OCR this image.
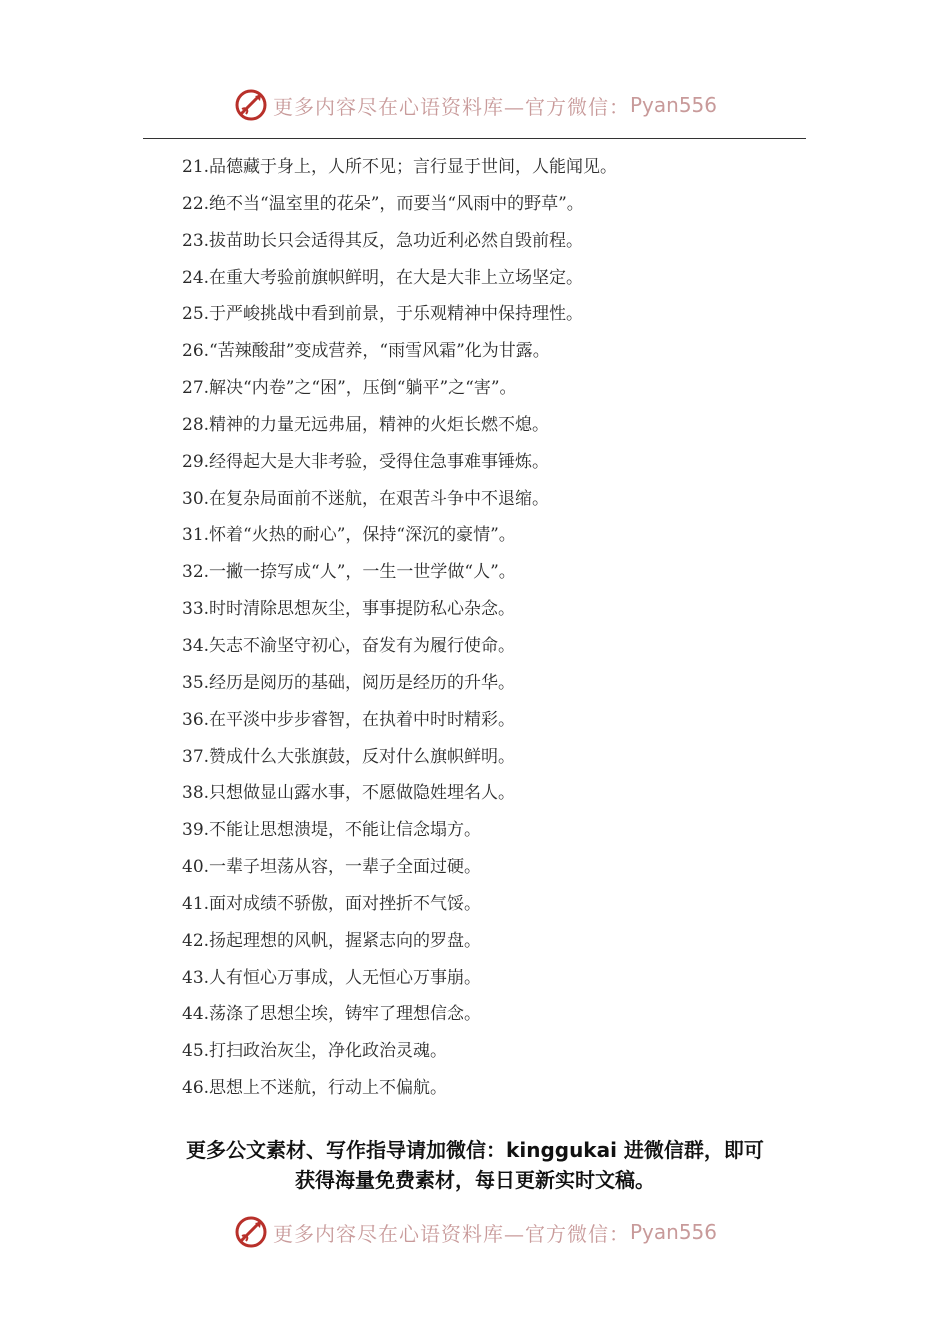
更多内容尽在心语资料库—官方微信： Pyan556
21.品德藏于身上，人所不见；言行显于世间，人能闻见。
22.绝不当“温室里的花朵”，而要当“风雨中的野草”。
23.拔苗助长只会适得其反，急功近利必然自毁前程。
24.在重大考验前旗帜鲜明，在大是大非上立场坚定。
25.于严峻挑战中看到前景，于乐观精神中保持理性。
26.“苦辣酸甜”变成营养，“雨雪风霜”化为甘露。
27.解决“内卷”之“困”，压倒“躺平”之“害”。
28.精神的力量无远弗届，精神的火炬长燃不熄。
29.经得起大是大非考验，受得住急事难事锤炼。
30.在复杂局面前不迷航，在艰苦斗争中不退缩。
31.怀着“火热的耐心”，保持“深沉的豪情”。
32.一撇一捺写成“人”，一生一世学做“人”。
33.时时清除思想灰尘，事事提防私心杂念。
34.矢志不渝坚守初心，奋发有为履行使命。
35.经历是阅历的基础，阅历是经历的升华。
36.在平淡中步步睿智，在执着中时时精彩。
37.赞成什么大张旗鼓，反对什么旗帜鲜明。
38.只想做显山露水事，不愿做隐姓埋名人。
39.不能让思想溃堤，不能让信念塌方。
40.一辈子坦荡从容，一辈子全面过硬。
41.面对成绩不骄傲，面对挫折不气馁。
42.扬起理想的风帆，握紧志向的罗盘。
43.人有恒心万事成，人无恒心万事崩。
44.荡涤了思想尘埃，铸牢了理想信念。
45.打扫政治灰尘，净化政治灵魂。
46.思想上不迷航，行动上不偏航。
更多公文素材、写作指导请加微信：kinggukai 进微信群，即可
获得海量免费素材，每日更新实时文稿。
更多内容尽在心语资料库—官方微信： Pyan556
